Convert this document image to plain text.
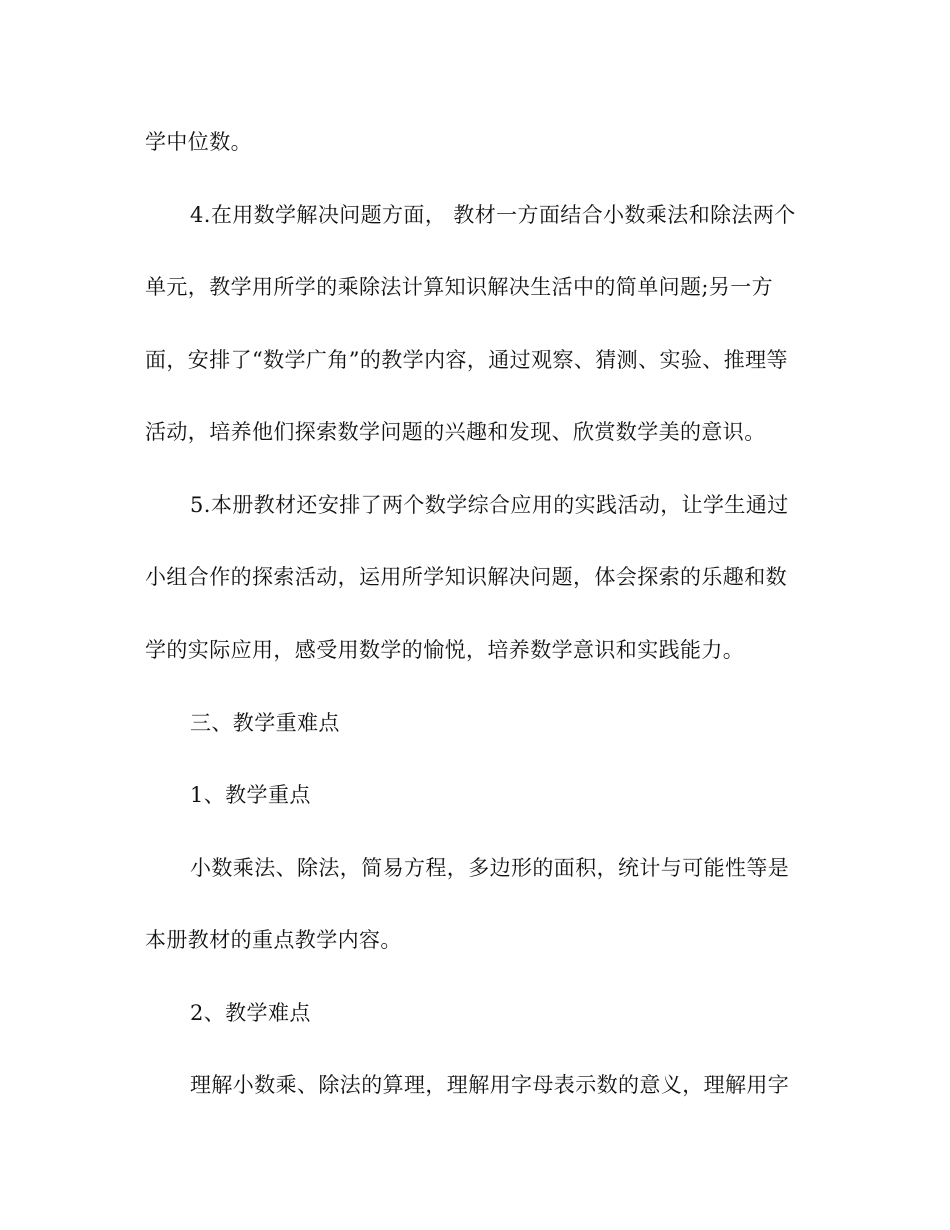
学中位数。
4.在用数学解决问题方面， 教材一方面结合小数乘法和除法两个
单元，教学用所学的乘除法计算知识解决生活中的简单问题;另一方
面，安排了“数学广角”的教学内容，通过观察、猜测、实验、推理等
活动，培养他们探索数学问题的兴趣和发现、欣赏数学美的意识。
5.本册教材还安排了两个数学综合应用的实践活动，让学生通过
小组合作的探索活动，运用所学知识解决问题，体会探索的乐趣和数
学的实际应用，感受用数学的愉悦，培养数学意识和实践能力。
三、教学重难点
1、教学重点
小数乘法、除法，简易方程，多边形的面积，统计与可能性等是
本册教材的重点教学内容。
2、教学难点
理解小数乘、除法的算理，理解用字母表示数的意义，理解用字
